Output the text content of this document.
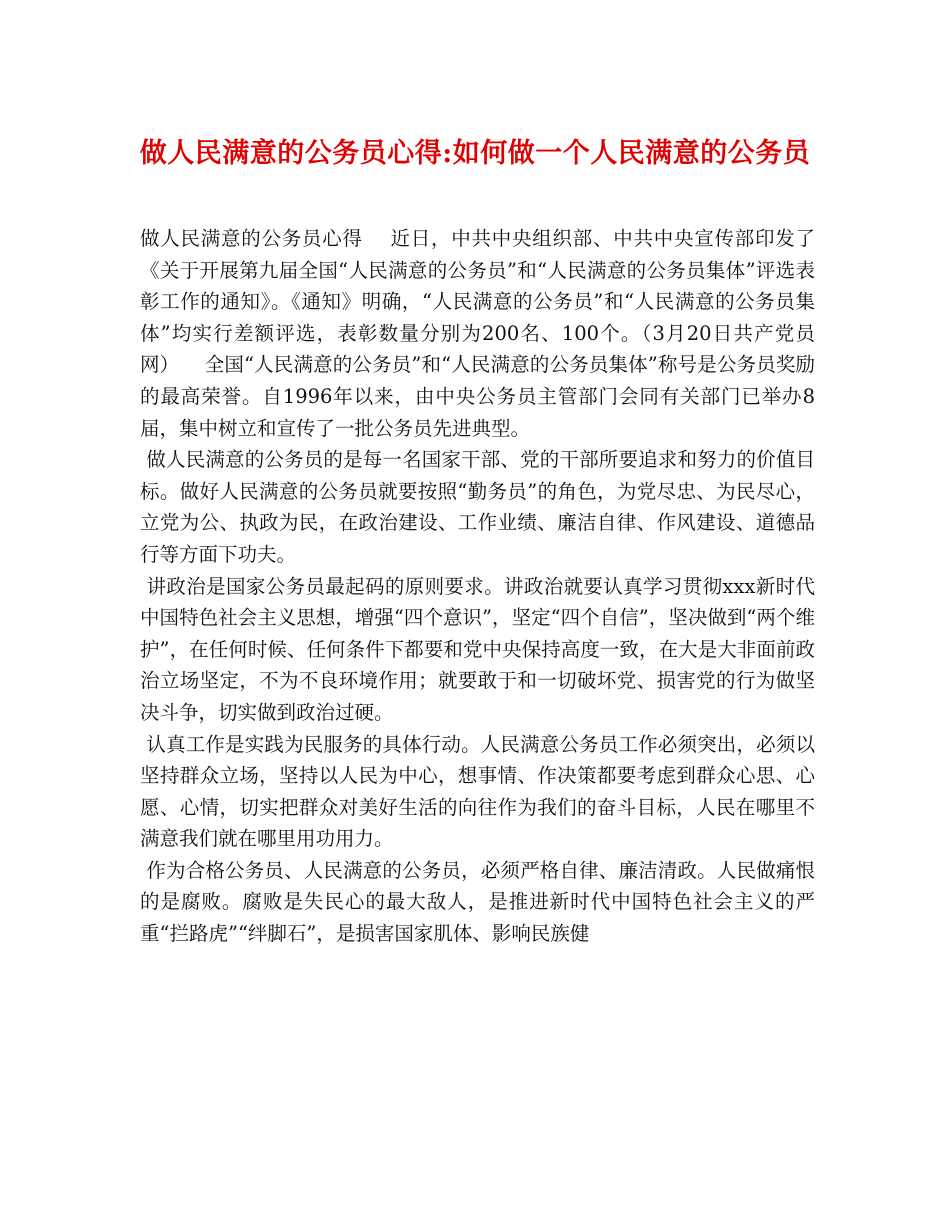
做人民满意的公务员心得:如何做一个人民满意的公务员

做人民满意的公务员心得    近日，中共中央组织部、中共中央宣传部印发了《关于开展第九届全国“人民满意的公务员”和“人民满意的公务员集体”评选表彰工作的通知》。《通知》明确，“人民满意的公务员”和“人民满意的公务员集体”均实行差额评选，表彰数量分别为200名、100个。（3月20日共产党员网）    全国“人民满意的公务员”和“人民满意的公务员集体”称号是公务员奖励的最高荣誉。自1996年以来，由中央公务员主管部门会同有关部门已举办8届，集中树立和宣传了一批公务员先进典型。

做人民满意的公务员的是每一名国家干部、党的干部所要追求和努力的价值目标。做好人民满意的公务员就要按照“勤务员”的角色，为党尽忠、为民尽心，立党为公、执政为民，在政治建设、工作业绩、廉洁自律、作风建设、道德品行等方面下功夫。

讲政治是国家公务员最起码的原则要求。讲政治就要认真学习贯彻xxx新时代中国特色社会主义思想，增强“四个意识”，坚定“四个自信”，坚决做到“两个维护”，在任何时候、任何条件下都要和党中央保持高度一致，在大是大非面前政治立场坚定，不为不良环境作用；就要敢于和一切破坏党、损害党的行为做坚决斗争，切实做到政治过硬。

认真工作是实践为民服务的具体行动。人民满意公务员工作必须突出，必须以坚持群众立场，坚持以人民为中心，想事情、作决策都要考虑到群众心思、心愿、心情，切实把群众对美好生活的向往作为我们的奋斗目标，人民在哪里不满意我们就在哪里用功用力。

作为合格公务员、人民满意的公务员，必须严格自律、廉洁清政。人民做痛恨的是腐败。腐败是失民心的最大敌人，是推进新时代中国特色社会主义的严重“拦路虎”“绊脚石”，是损害国家肌体、影响民族健
